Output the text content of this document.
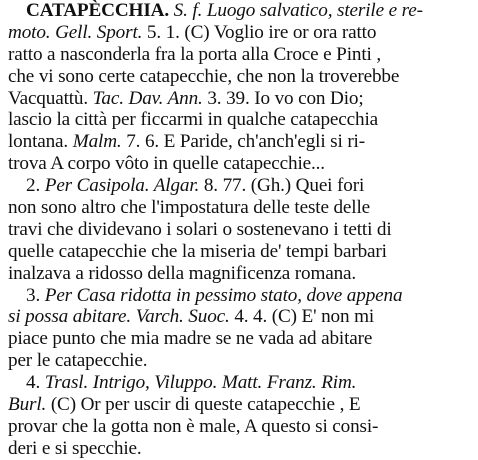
CATAPÈCCHIA. S. f. Luogo salvatico, sterile e re-
moto. Gell. Sport. 5. 1. (C) Voglio ire or ora ratto
ratto a nasconderla fra la porta alla Croce e Pinti ,
che vi sono certe catapecchie, che non la troverebbe
Vacquattù. Tac. Dav. Ann. 3. 39. Io vo con Dio;
lascio la città per ficcarmi in qualche catapecchia
lontana. Malm. 7. 6. E Paride, ch'anch'egli si ri-
trova A corpo vôto in quelle catapecchie...
2. Per Casipola. Algar. 8. 77. (Gh.) Quei fori
non sono altro che l'impostatura delle teste delle
travi che dividevano i solari o sostenevano i tetti di
quelle catapecchie che la miseria de' tempi barbari
inalzava a ridosso della magnificenza romana.
3. Per Casa ridotta in pessimo stato, dove appena
si possa abitare. Varch. Suoc. 4. 4. (C) E' non mi
piace punto che mia madre se ne vada ad abitare
per le catapecchie.
4. Trasl. Intrigo, Viluppo. Matt. Franz. Rim.
Burl. (C) Or per uscir di queste catapecchie , E
provar che la gotta non è male, A questo si consi-
deri e si specchie.
